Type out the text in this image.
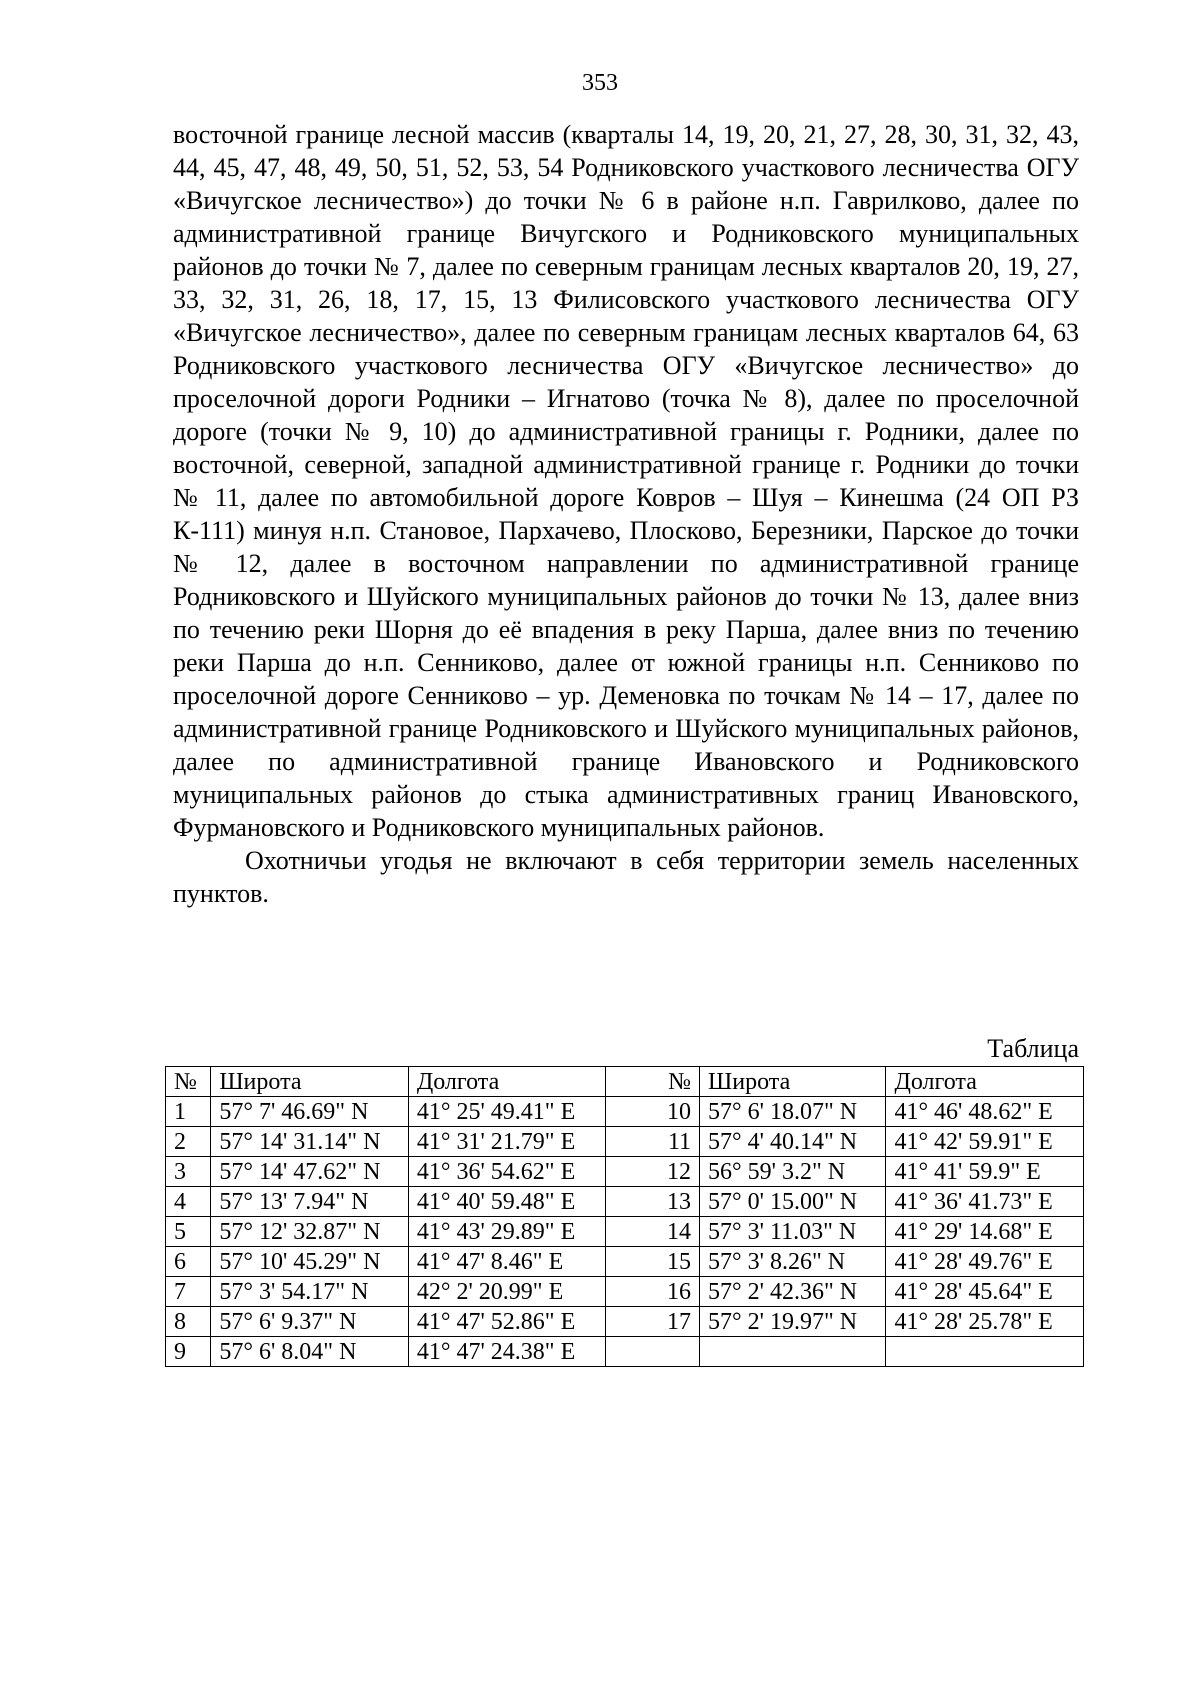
353

восточной границе лесной массив (кварталы 14, 19, 20, 21, 27, 28, 30, 31, 32, 43, 44, 45, 47, 48, 49, 50, 51, 52, 53, 54 Родниковского участкового лесничества ОГУ «Вичугское лесничество») до точки № 6 в районе н.п. Гаврилково, далее по административной границе Вичугского и Родниковского муниципальных районов до точки № 7, далее по северным границам лесных кварталов 20, 19, 27, 33, 32, 31, 26, 18, 17, 15, 13 Филисовского участкового лесничества ОГУ «Вичугское лесничество», далее по северным границам лесных кварталов 64, 63 Родниковского участкового лесничества ОГУ «Вичугское лесничество» до проселочной дороги Родники – Игнатово (точка № 8), далее по проселочной дороге (точки № 9, 10) до административной границы г. Родники, далее по восточной, северной, западной административной границе г. Родники до точки № 11, далее по автомобильной дороге Ковров – Шуя – Кинешма (24 ОП РЗ К-111) минуя н.п. Становое, Пархачево, Плосково, Березники, Парское до точки № 12, далее в восточном направлении по административной границе Родниковского и Шуйского муниципальных районов до точки № 13, далее вниз по течению реки Шорня до её впадения в реку Парша, далее вниз по течению реки Парша до н.п. Сенниково, далее от южной границы н.п. Сенниково по проселочной дороге Сенниково – ур. Деменовка по точкам № 14 – 17, далее по административной границе Родниковского и Шуйского муниципальных районов, далее по административной границе Ивановского и Родниковского муниципальных районов до стыка административных границ Ивановского, Фурмановского и Родниковского муниципальных районов.

Охотничьи угодья не включают в себя территории земель населенных пунктов.

Таблица
№	Широта	Долгота	№	Широта	Долгота
1	57° 7' 46.69" N	41° 25' 49.41" E	10	57° 6' 18.07" N	41° 46' 48.62" E
2	57° 14' 31.14" N	41° 31' 21.79" E	11	57° 4' 40.14" N	41° 42' 59.91" E
3	57° 14' 47.62" N	41° 36' 54.62" E	12	56° 59' 3.2" N	41° 41' 59.9" E
4	57° 13' 7.94" N	41° 40' 59.48" E	13	57° 0' 15.00" N	41° 36' 41.73" E
5	57° 12' 32.87" N	41° 43' 29.89" E	14	57° 3' 11.03" N	41° 29' 14.68" E
6	57° 10' 45.29" N	41° 47' 8.46" E	15	57° 3' 8.26" N	41° 28' 49.76" E
7	57° 3' 54.17" N	42° 2' 20.99" E	16	57° 2' 42.36" N	41° 28' 45.64" E
8	57° 6' 9.37" N	41° 47' 52.86" E	17	57° 2' 19.97" N	41° 28' 25.78" E
9	57° 6' 8.04" N	41° 47' 24.38" E			
